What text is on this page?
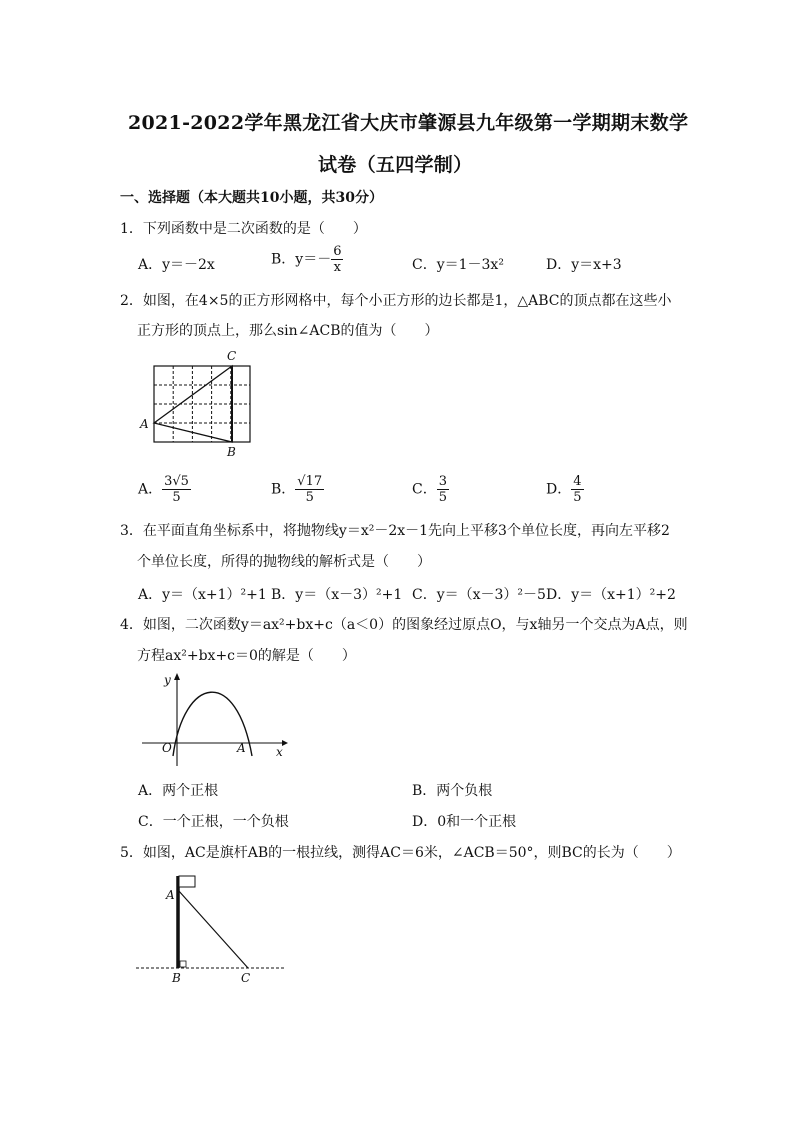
2021-2022学年黑龙江省大庆市肇源县九年级第一学期期末数学
试卷（五四学制）
一、选择题（本大题共10小题，共30分）
1．下列函数中是二次函数的是（　　）
A．y＝－2x	B．$y=- \frac{6}{x}$	C．y＝1－3x²	D．y＝x+3
2．如图，在4×5的正方形网格中，每个小正方形的边长都是1，△ABC的顶点都在这些小
正方形的顶点上，那么sin∠ACB的值为（　　）
A
B
C
A． $\frac{3√5}{5}$	B． $\frac{√17}{5}$	C． $\frac{3}{5}$	D． $\frac{4}{5}$
3．在平面直角坐标系中，将抛物线y＝x²－2x－1先向上平移3个单位长度，再向左平移2
个单位长度，所得的抛物线的解析式是（　　）
A．y＝（x+1）²+1 B．y＝（x－3）²+1 C．y＝（x－3）²－5 D．y＝（x+1）²+2
4．如图，二次函数y＝ax²+bx+c（a＜0）的图象经过原点O，与x轴另一个交点为A点，则
方程ax²+bx+c＝0的解是（　　）
y
x
O	A
A．两个正根	B．两个负根
C．一个正根，一个负根	D．0和一个正根
5．如图，AC是旗杆AB的一根拉线，测得AC＝6米，∠ACB＝50°，则BC的长为（　　）
A
B	C
